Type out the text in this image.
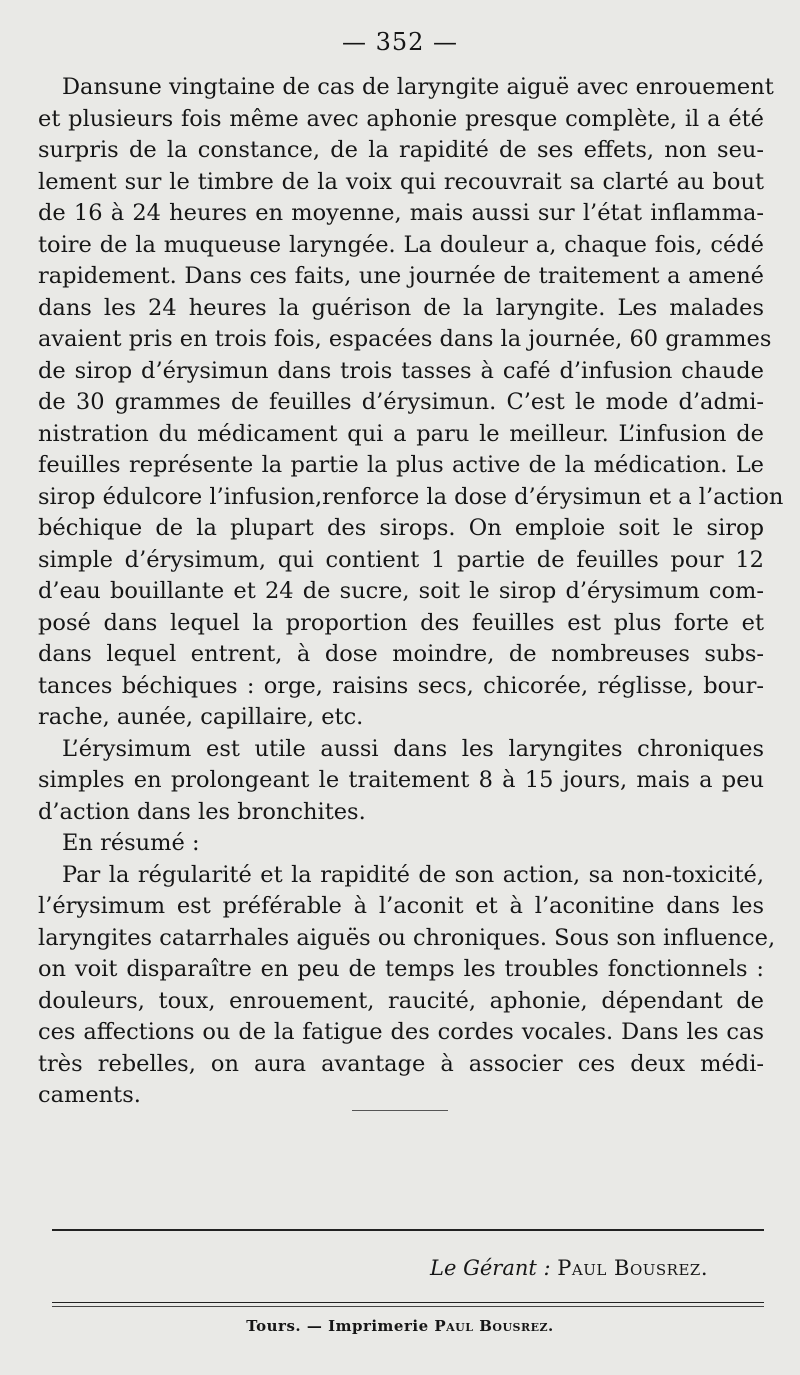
— 352 —
Dansune vingtaine de cas de laryngite aiguë avec enrouement
et plusieurs fois même avec aphonie presque complète, il a été
surpris de la constance, de la rapidité de ses effets, non seu-
lement sur le timbre de la voix qui recouvrait sa clarté au bout
de 16 à 24 heures en moyenne, mais aussi sur l’état inflamma-
toire de la muqueuse laryngée. La douleur a, chaque fois, cédé
rapidement. Dans ces faits, une journée de traitement a amené
dans les 24 heures la guérison de la laryngite. Les malades
avaient pris en trois fois, espacées dans la journée, 60 grammes
de sirop d’érysimun dans trois tasses à café d’infusion chaude
de 30 grammes de feuilles d’érysimun. C’est le mode d’admi-
nistration du médicament qui a paru le meilleur. L’infusion de
feuilles représente la partie la plus active de la médication. Le
sirop édulcore l’infusion,renforce la dose d’érysimun et a l’action
béchique de la plupart des sirops. On emploie soit le sirop
simple d’érysimum, qui contient 1 partie de feuilles pour 12
d’eau bouillante et 24 de sucre, soit le sirop d’érysimum com-
posé dans lequel la proportion des feuilles est plus forte et
dans lequel entrent, à dose moindre, de nombreuses subs-
tances béchiques : orge, raisins secs, chicorée, réglisse, bour-
rache, aunée, capillaire, etc.
L’érysimum est utile aussi dans les laryngites chroniques
simples en prolongeant le traitement 8 à 15 jours, mais a peu
d’action dans les bronchites.
En résumé :
Par la régularité et la rapidité de son action, sa non-toxicité,
l’érysimum est préférable à l’aconit et à l’aconitine dans les
laryngites catarrhales aiguës ou chroniques. Sous son influence,
on voit disparaître en peu de temps les troubles fonctionnels :
douleurs, toux, enrouement, raucité, aphonie, dépendant de
ces affections ou de la fatigue des cordes vocales. Dans les cas
très rebelles, on aura avantage à associer ces deux médi-
caments.
Le Gérant : Paul Bousrez.
Tours. — Imprimerie Paul Bousrez.
